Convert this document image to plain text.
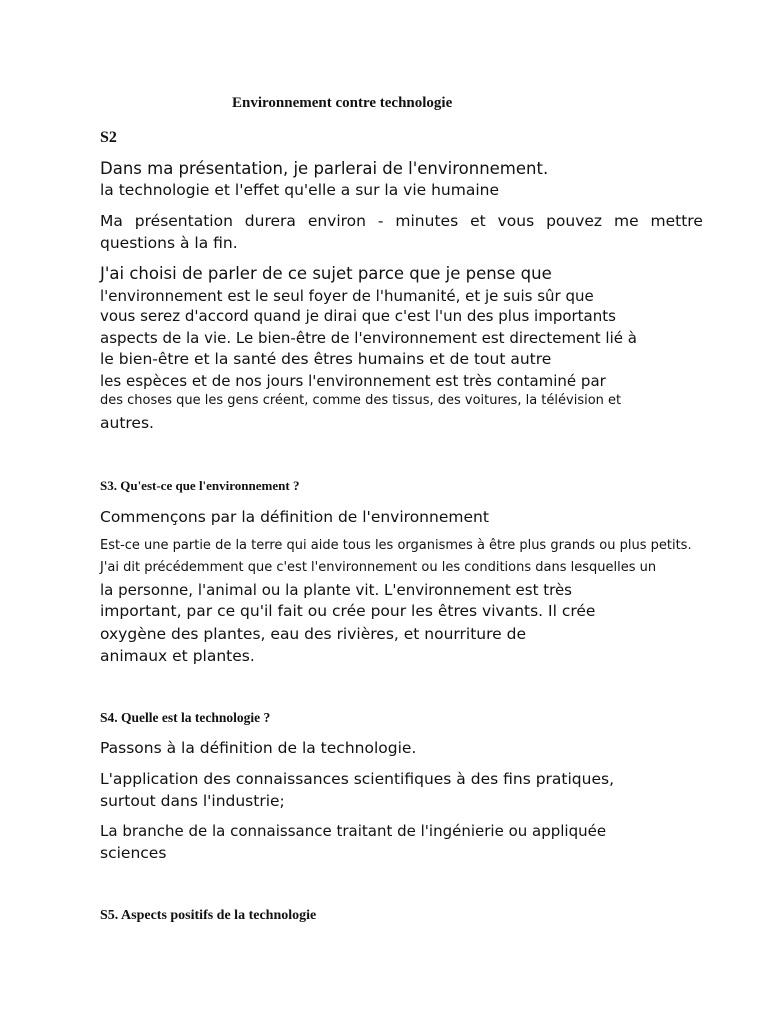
Environnement contre technologie
S2
Dans ma présentation, je parlerai de l'environnement.
la technologie et l'effet qu'elle a sur la vie humaine
Ma présentation durera environ - minutes et vous pouvez me mettre
questions à la fin.
J'ai choisi de parler de ce sujet parce que je pense que
l'environnement est le seul foyer de l'humanité, et je suis sûr que
vous serez d'accord quand je dirai que c'est l'un des plus importants
aspects de la vie. Le bien-être de l'environnement est directement lié à
le bien-être et la santé des êtres humains et de tout autre
les espèces et de nos jours l'environnement est très contaminé par
des choses que les gens créent, comme des tissus, des voitures, la télévision et
autres.
S3. Qu'est-ce que l'environnement ?
Commençons par la définition de l'environnement
Est-ce une partie de la terre qui aide tous les organismes à être plus grands ou plus petits.
J'ai dit précédemment que c'est l'environnement ou les conditions dans lesquelles un
la personne, l'animal ou la plante vit. L'environnement est très
important, par ce qu'il fait ou crée pour les êtres vivants. Il crée
oxygène des plantes, eau des rivières, et nourriture de
animaux et plantes.
S4. Quelle est la technologie ?
Passons à la définition de la technologie.
L'application des connaissances scientifiques à des fins pratiques,
surtout dans l'industrie;
La branche de la connaissance traitant de l'ingénierie ou appliquée
sciences
S5. Aspects positifs de la technologie
